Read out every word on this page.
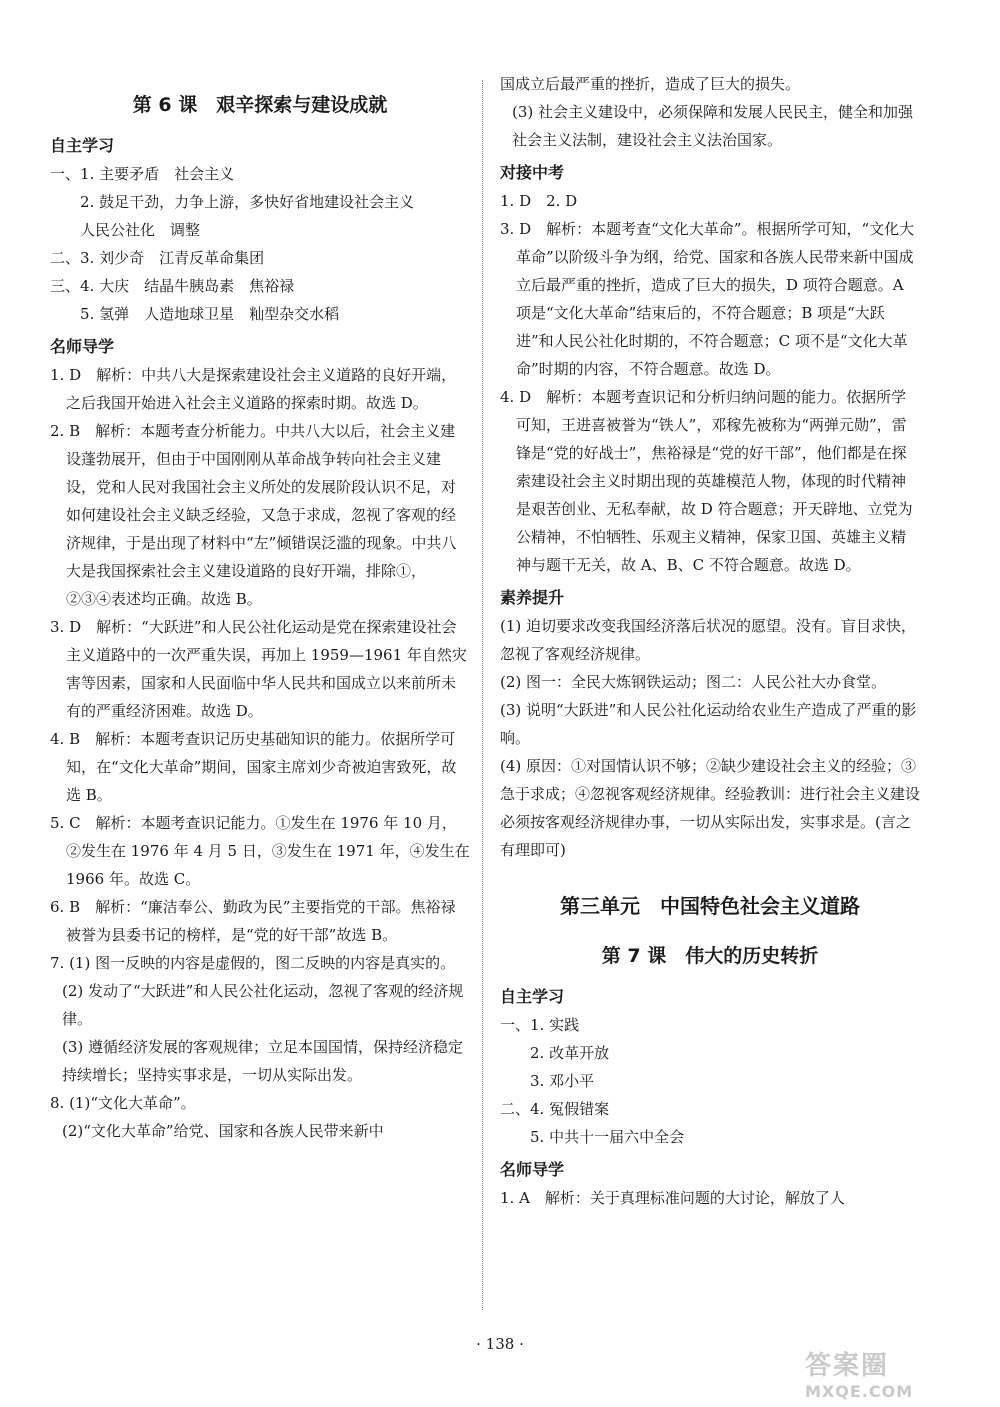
第 6 课　艰辛探索与建设成就
自主学习

一、1. 主要矛盾　社会主义

2. 鼓足干劲，力争上游，多快好省地建设社会主义

人民公社化　调整

二、3. 刘少奇　江青反革命集团

三、4. 大庆　结晶牛胰岛素　焦裕禄

5. 氢弹　人造地球卫星　籼型杂交水稻

名师导学

1. D　解析：中共八大是探索建设社会主义道路的良好开端，之后我国开始进入社会主义道路的探索时期。故选 D。

2. B　解析：本题考查分析能力。中共八大以后，社会主义建设蓬勃展开，但由于中国刚刚从革命战争转向社会主义建设，党和人民对我国社会主义所处的发展阶段认识不足，对如何建设社会主义缺乏经验，又急于求成，忽视了客观的经济规律，于是出现了材料中“左”倾错误泛滥的现象。中共八大是我国探索社会主义建设道路的良好开端，排除①，②③④表述均正确。故选 B。

3. D　解析：“大跃进”和人民公社化运动是党在探索建设社会主义道路中的一次严重失误，再加上 1959—1961 年自然灾害等因素，国家和人民面临中华人民共和国成立以来前所未有的严重经济困难。故选 D。

4. B　解析：本题考查识记历史基础知识的能力。依据所学可知，在“文化大革命”期间，国家主席刘少奇被迫害致死，故选 B。

5. C　解析：本题考查识记能力。①发生在 1976 年 10 月，②发生在 1976 年 4 月 5 日，③发生在 1971 年，④发生在 1966 年。故选 C。

6. B　解析：“廉洁奉公、勤政为民”主要指党的干部。焦裕禄被誉为县委书记的榜样，是“党的好干部”故选 B。

7. (1) 图一反映的内容是虚假的，图二反映的内容是真实的。

(2) 发动了“大跃进”和人民公社化运动，忽视了客观的经济规律。

(3) 遵循经济发展的客观规律；立足本国国情，保持经济稳定持续增长；坚持实事求是，一切从实际出发。

8. (1)“文化大革命”。

(2)“文化大革命”给党、国家和各族人民带来新中

国成立后最严重的挫折，造成了巨大的损失。

(3) 社会主义建设中，必须保障和发展人民民主，健全和加强社会主义法制，建设社会主义法治国家。

对接中考

1. D　2. D

3. D　解析：本题考查“文化大革命”。根据所学可知，“文化大革命”以阶级斗争为纲，给党、国家和各族人民带来新中国成立后最严重的挫折，造成了巨大的损失，D 项符合题意。A 项是“文化大革命”结束后的，不符合题意；B 项是“大跃进”和人民公社化时期的，不符合题意；C 项不是“文化大革命”时期的内容，不符合题意。故选 D。

4. D　解析：本题考查识记和分析归纳问题的能力。依据所学可知，王进喜被誉为“铁人”，邓稼先被称为“两弹元勋”，雷锋是“党的好战士”，焦裕禄是“党的好干部”，他们都是在探索建设社会主义时期出现的英雄模范人物，体现的时代精神是艰苦创业、无私奉献，故 D 符合题意；开天辟地、立党为公精神，不怕牺牲、乐观主义精神，保家卫国、英雄主义精神与题干无关，故 A、B、C 不符合题意。故选 D。

素养提升

(1) 迫切要求改变我国经济落后状况的愿望。没有。盲目求快，忽视了客观经济规律。

(2) 图一：全民大炼钢铁运动；图二：人民公社大办食堂。

(3) 说明“大跃进”和人民公社化运动给农业生产造成了严重的影响。

(4) 原因：①对国情认识不够；②缺少建设社会主义的经验；③急于求成；④忽视客观经济规律。经验教训：进行社会主义建设必须按客观经济规律办事，一切从实际出发，实事求是。(言之有理即可)

第三单元　中国特色社会主义道路
第 7 课　伟大的历史转折
自主学习

一、1. 实践

2. 改革开放

3. 邓小平

二、4. 冤假错案

5. 中共十一届六中全会

名师导学

1. A　解析：关于真理标准问题的大讨论，解放了人

· 138 ·
答案圈
MXQE.COM
